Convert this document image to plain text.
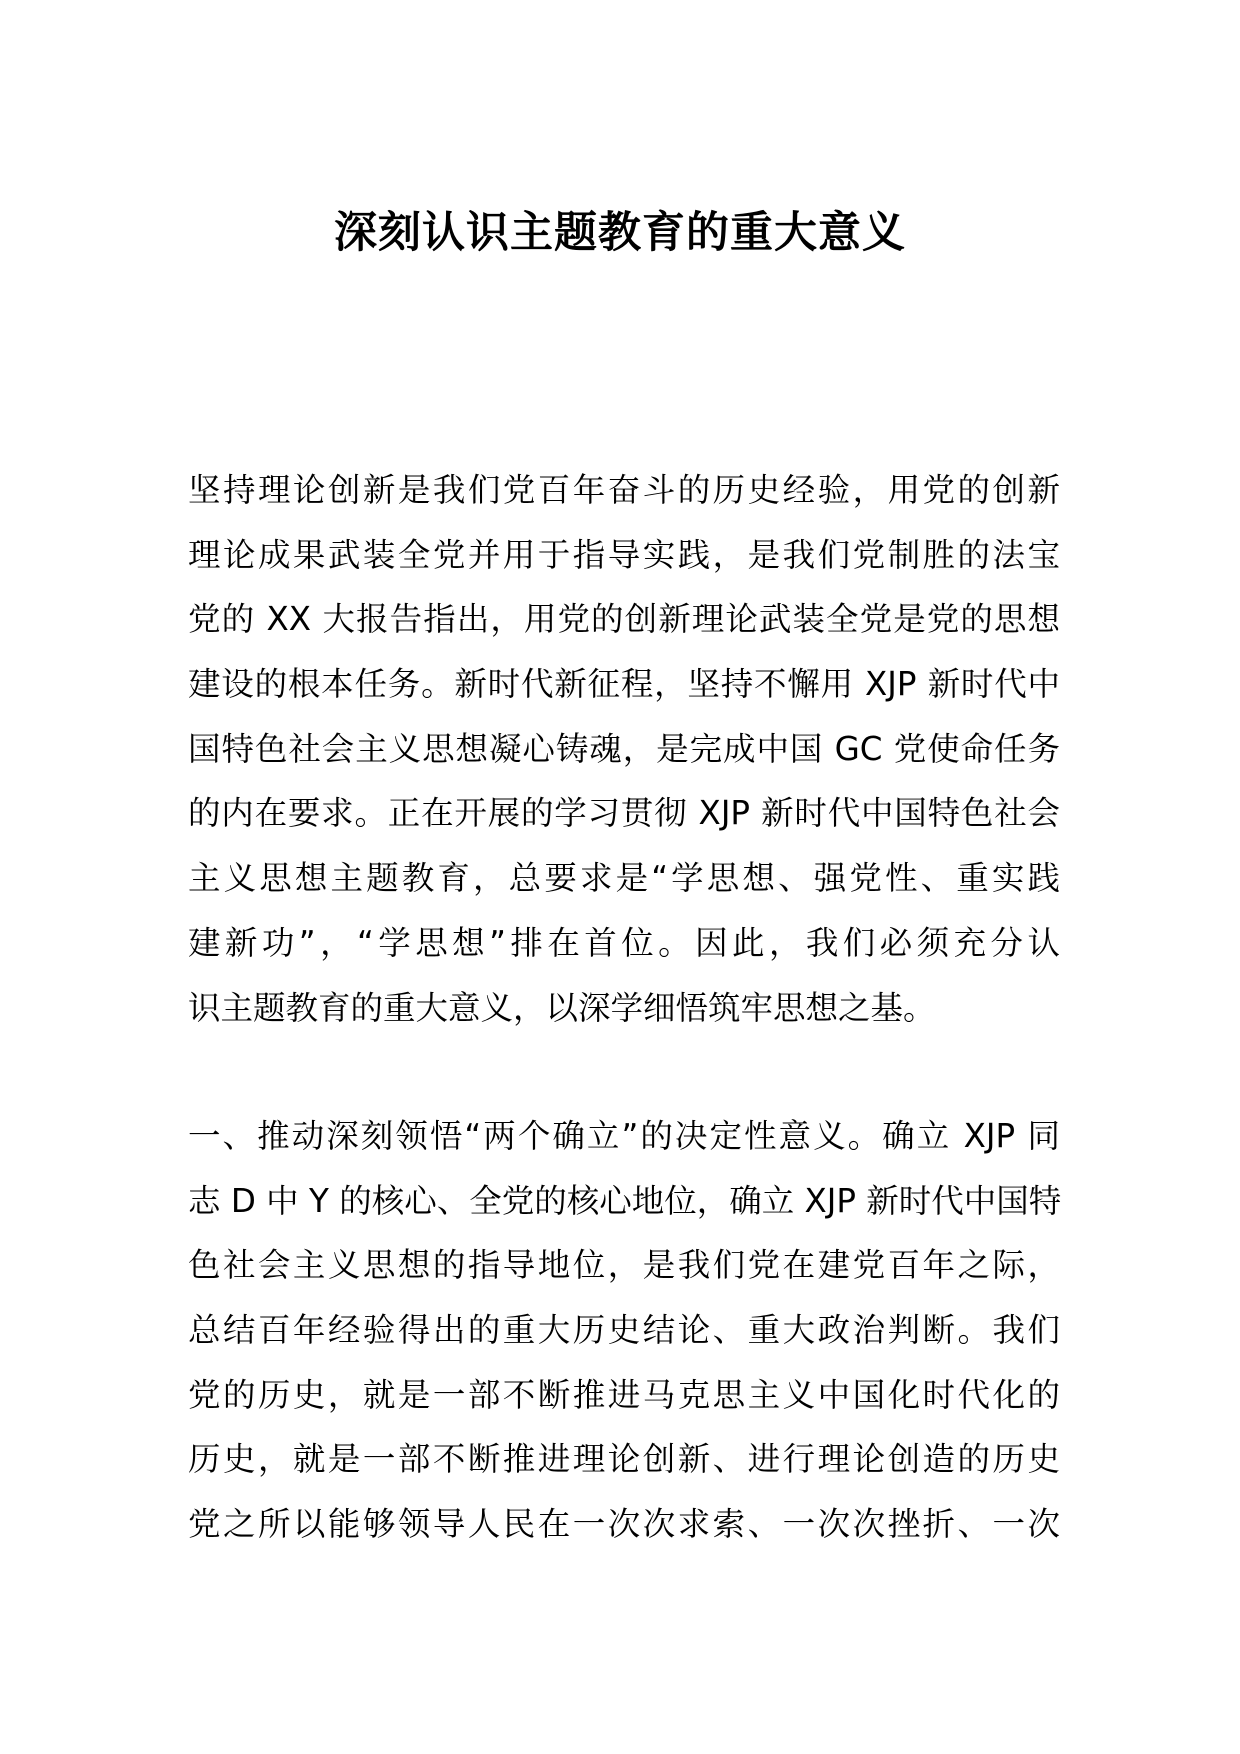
深刻认识主题教育的重大意义
坚持理论创新是我们党百年奋斗的历史经验，用党的创新
理论成果武装全党并用于指导实践，是我们党制胜的法宝
党的 XX 大报告指出，用党的创新理论武装全党是党的思想
建设的根本任务。新时代新征程，坚持不懈用 XJP 新时代中
国特色社会主义思想凝心铸魂，是完成中国 GC 党使命任务
的内在要求。正在开展的学习贯彻 XJP 新时代中国特色社会
主义思想主题教育，总要求是“学思想、强党性、重实践
建新功”，“学思想”排在首位。因此，我们必须充分认
识主题教育的重大意义，以深学细悟筑牢思想之基。
一、推动深刻领悟“两个确立”的决定性意义。确立 XJP 同
志 D 中 Y 的核心、全党的核心地位，确立 XJP 新时代中国特
色社会主义思想的指导地位，是我们党在建党百年之际，
总结百年经验得出的重大历史结论、重大政治判断。我们
党的历史，就是一部不断推进马克思主义中国化时代化的
历史，就是一部不断推进理论创新、进行理论创造的历史
党之所以能够领导人民在一次次求索、一次次挫折、一次
